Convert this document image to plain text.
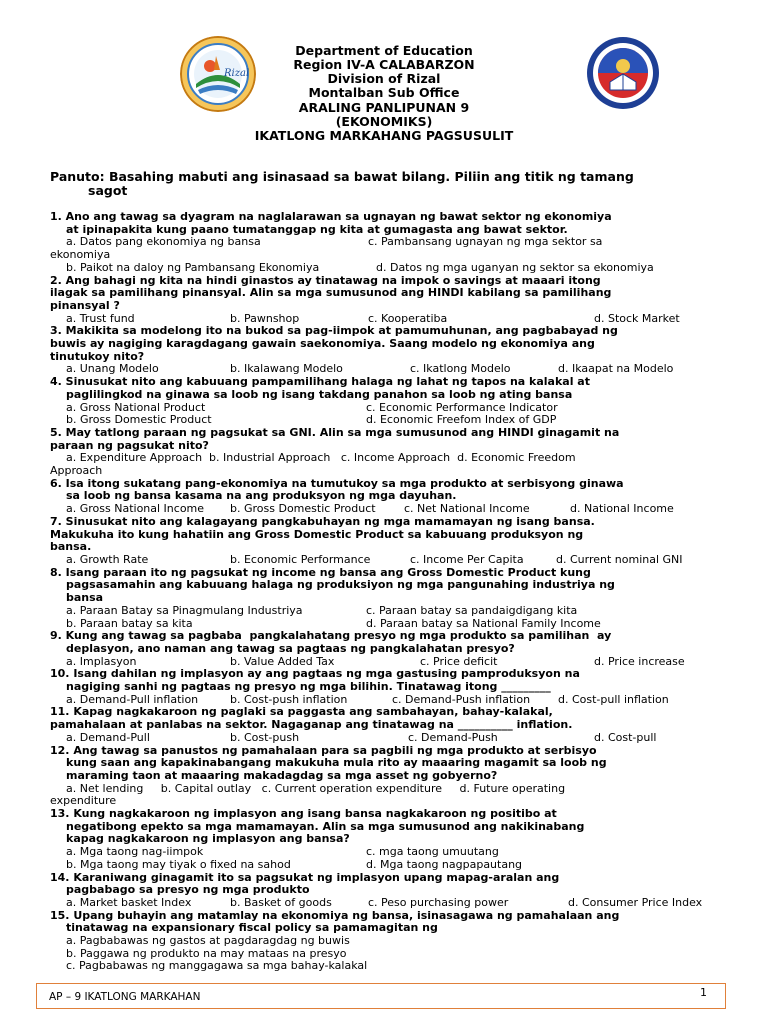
Rizal
Department of Education
Region IV-A CALABARZON
Division of Rizal
Montalban Sub Office
ARALING PANLIPUNAN 9
(EKONOMIKS)
IKATLONG MARKAHANG PAGSUSULIT
Panuto: Basahing mabuti ang isinasaad sa bawat bilang. Piliin ang titik ng tamang
sagot
1. Ano ang tawag sa dyagram na naglalarawan sa ugnayan ng bawat sektor ng ekonomiya
at ipinapakita kung paano tumatanggap ng kita at gumagasta ang bawat sektor.
a. Datos pang ekonomiya ng bansa	c. Pambansang ugnayan ng mga sektor sa
ekonomiya
b. Paikot na daloy ng Pambansang Ekonomiya	d. Datos ng mga uganyan ng sektor sa ekonomiya
2. Ang bahagi ng kita na hindi ginastos ay tinatawag na impok o savings at maaari itong
ilagak sa pamilihang pinansyal. Alin sa mga sumusunod ang HINDI kabilang sa pamilihang
pinansyal ?
a. Trust fund	b. Pawnshop	c. Kooperatiba	d. Stock Market
3. Makikita sa modelong ito na bukod sa pag-iimpok at pamumuhunan, ang pagbabayad ng
buwis ay nagiging karagdagang gawain saekonomiya. Saang modelo ng ekonomiya ang
tinutukoy nito?
a. Unang Modelo	b. Ikalawang Modelo	c. Ikatlong Modelo	d. Ikaapat na Modelo
4. Sinusukat nito ang kabuuang pampamilihang halaga ng lahat ng tapos na kalakal at
paglilingkod na ginawa sa loob ng isang takdang panahon sa loob ng ating bansa
a. Gross National Product	c. Economic Performance Indicator
b. Gross Domestic Product	d. Economic Freefom Index of GDP
5. May tatlong paraan ng pagsukat sa GNI. Alin sa mga sumusunod ang HINDI ginagamit na
paraan ng pagsukat nito?
a. Expenditure Approach  b. Industrial Approach   c. Income Approach  d. Economic Freedom
Approach
6. Isa itong sukatang pang-ekonomiya na tumutukoy sa mga produkto at serbisyong ginawa
sa loob ng bansa kasama na ang produksyon ng mga dayuhan.
a. Gross National Income	b. Gross Domestic Product	c. Net National Income	d. National Income
7. Sinusukat nito ang kalagayang pangkabuhayan ng mga mamamayan ng isang bansa.
Makukuha ito kung hahatiin ang Gross Domestic Product sa kabuuang produksyon ng
bansa.
a. Growth Rate	b. Economic Performance	c. Income Per Capita	d. Current nominal GNI
8. Isang paraan ito ng pagsukat ng income ng bansa ang Gross Domestic Product kung
pagsasamahin ang kabuuang halaga ng produksiyon ng mga pangunahing industriya ng
bansa
a. Paraan Batay sa Pinagmulang Industriya	c. Paraan batay sa pandaigdigang kita
b. Paraan batay sa kita	d. Paraan batay sa National Family Income
9. Kung ang tawag sa pagbaba  pangkalahatang presyo ng mga produkto sa pamilihan  ay
deplasyon, ano naman ang tawag sa pagtaas ng pangkalahatan presyo?
a. Implasyon	b. Value Added Tax	c. Price deficit	d. Price increase
10. Isang dahilan ng implasyon ay ang pagtaas ng mga gastusing pamproduksyon na
nagiging sanhi ng pagtaas ng presyo ng mga bilihin. Tinatawag itong _________
a. Demand-Pull inflation	b. Cost-push inflation	c. Demand-Push inflation	d. Cost-pull inflation
11. Kapag nagkakaroon ng paglaki sa paggasta ang sambahayan, bahay-kalakal,
pamahalaan at panlabas na sektor. Nagaganap ang tinatawag na __________ inflation.
a. Demand-Pull	b. Cost-push	c. Demand-Push	d. Cost-pull
12. Ang tawag sa panustos ng pamahalaan para sa pagbili ng mga produkto at serbisyo
kung saan ang kapakinabangang makukuha mula rito ay maaaring magamit sa loob ng
maraming taon at maaaring makadagdag sa mga asset ng gobyerno?
a. Net lending     b. Capital outlay   c. Current operation expenditure     d. Future operating
expenditure
13. Kung nagkakaroon ng implasyon ang isang bansa nagkakaroon ng positibo at
negatibong epekto sa mga mamamayan. Alin sa mga sumusunod ang nakikinabang
kapag nagkakaroon ng implasyon ang bansa?
a. Mga taong nag-iimpok	c. mga taong umuutang
b. Mga taong may tiyak o fixed na sahod	d. Mga taong nagpapautang
14. Karaniwang ginagamit ito sa pagsukat ng implasyon upang mapag-aralan ang
pagbabago sa presyo ng mga produkto
a. Market basket Index	b. Basket of goods	c. Peso purchasing power	d. Consumer Price Index
15. Upang buhayin ang matamlay na ekonomiya ng bansa, isinasagawa ng pamahalaan ang
tinatawag na expansionary fiscal policy sa pamamagitan ng
a. Pagbabawas ng gastos at pagdaragdag ng buwis
b. Paggawa ng produkto na may mataas na presyo
c. Pagbabawas ng manggagawa sa mga bahay-kalakal
AP – 9 IKATLONG MARKAHAN	1
